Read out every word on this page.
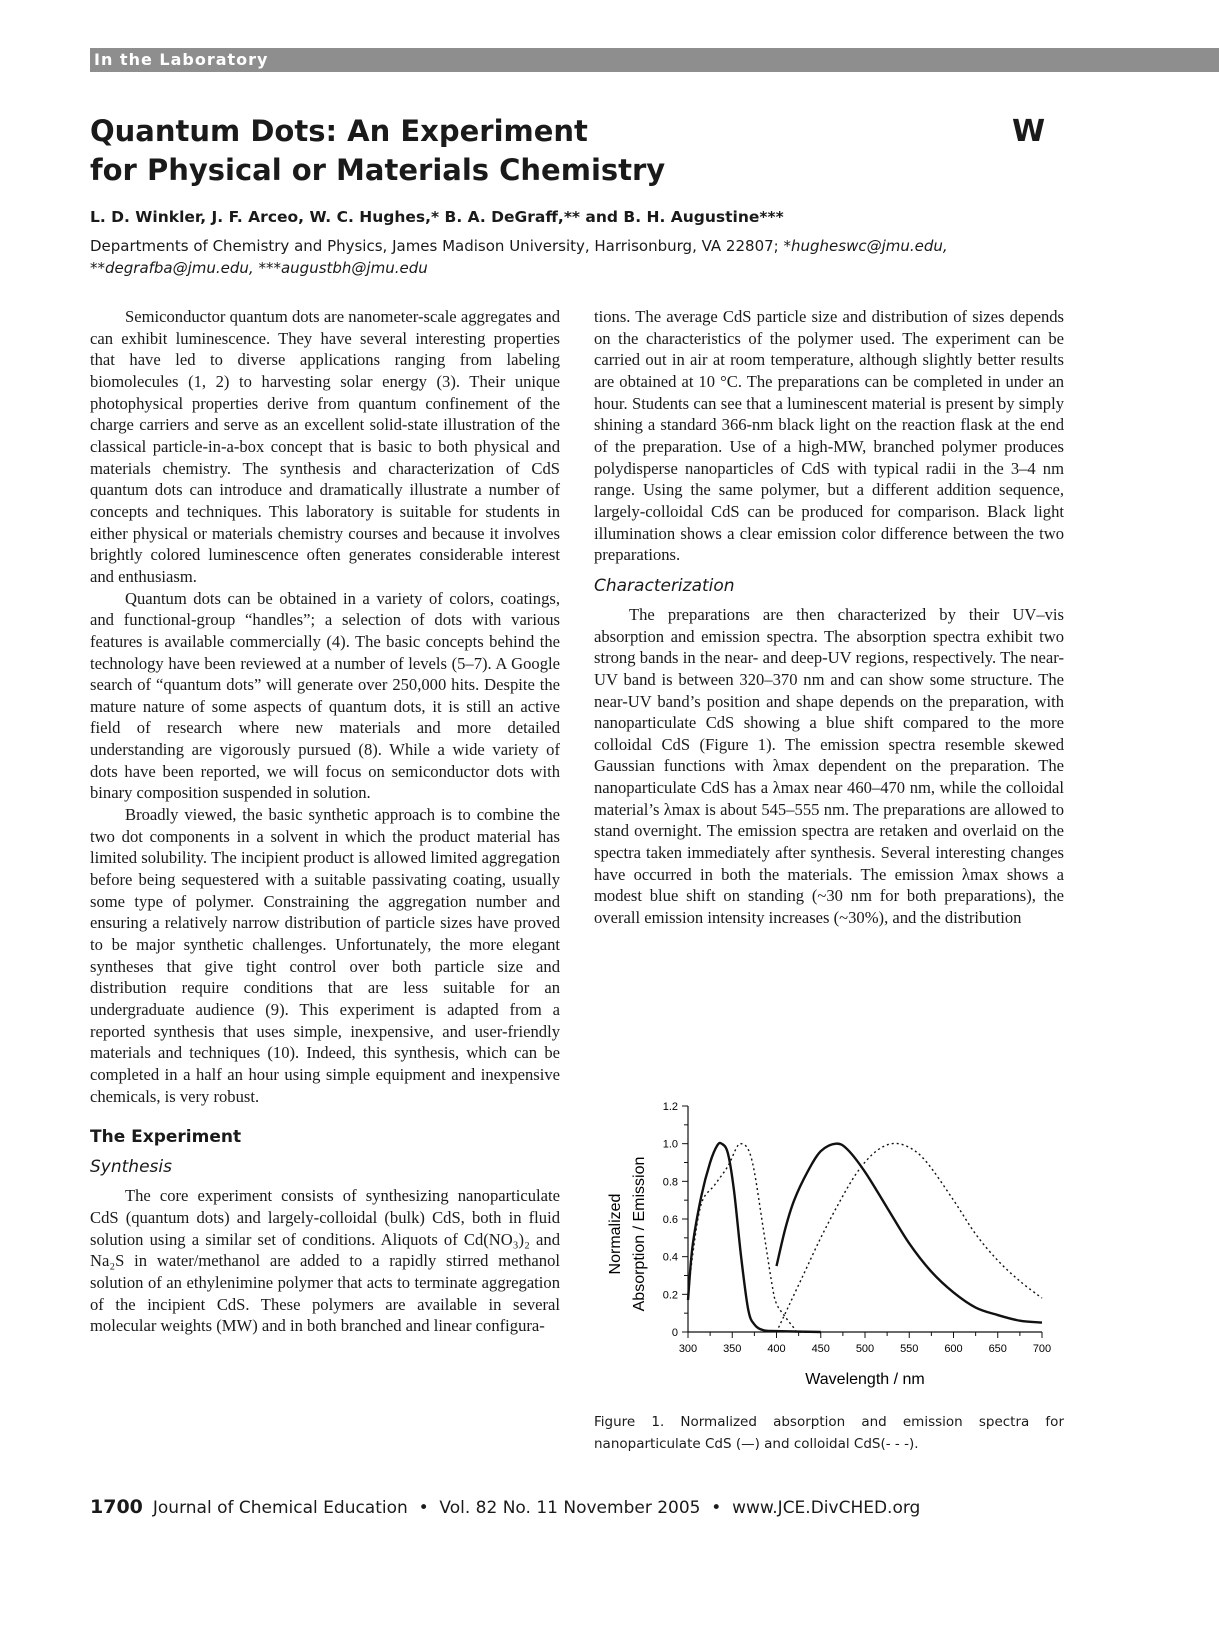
In the Laboratory
Quantum Dots: An Experiment
for Physical or Materials Chemistry
W
L. D. Winkler, J. F. Arceo, W. C. Hughes,* B. A. DeGraff,** and B. H. Augustine***
Departments of Chemistry and Physics, James Madison University, Harrisonburg, VA 22807; *hugheswc@jmu.edu,
**degrafba@jmu.edu, ***augustbh@jmu.edu

Semiconductor quantum dots are nanometer-scale aggregates and can exhibit luminescence. They have several interesting properties that have led to diverse applications ranging from labeling biomolecules (1, 2) to harvesting solar energy (3). Their unique photophysical properties derive from quantum confinement of the charge carriers and serve as an excellent solid-state illustration of the classical particle-in-a-box concept that is basic to both physical and materials chemistry. The synthesis and characterization of CdS quantum dots can introduce and dramatically illustrate a number of concepts and techniques. This laboratory is suitable for students in either physical or materials chemistry courses and because it involves brightly colored luminescence often generates considerable interest and enthusiasm.

Quantum dots can be obtained in a variety of colors, coatings, and functional-group “handles”; a selection of dots with various features is available commercially (4). The basic concepts behind the technology have been reviewed at a number of levels (5–7). A Google search of “quantum dots” will generate over 250,000 hits. Despite the mature nature of some aspects of quantum dots, it is still an active field of research where new materials and more detailed understanding are vigorously pursued (8). While a wide variety of dots have been reported, we will focus on semiconductor dots with binary composition suspended in solution.

Broadly viewed, the basic synthetic approach is to combine the two dot components in a solvent in which the product material has limited solubility. The incipient product is allowed limited aggregation before being sequestered with a suitable passivating coating, usually some type of polymer. Constraining the aggregation number and ensuring a relatively narrow distribution of particle sizes have proved to be major synthetic challenges. Unfortunately, the more elegant syntheses that give tight control over both particle size and distribution require conditions that are less suitable for an undergraduate audience (9). This experiment is adapted from a reported synthesis that uses simple, inexpensive, and user-friendly materials and techniques (10). Indeed, this synthesis, which can be completed in a half an hour using simple equipment and inexpensive chemicals, is very robust.

The Experiment
Synthesis

The core experiment consists of synthesizing nanoparticulate CdS (quantum dots) and largely-colloidal (bulk) CdS, both in fluid solution using a similar set of conditions. Aliquots of Cd(NO₃)₂ and Na₂S in water/methanol are added to a rapidly stirred methanol solution of an ethylenimine polymer that acts to terminate aggregation of the incipient CdS. These polymers are available in several molecular weights (MW) and in both branched and linear configura-

tions. The average CdS particle size and distribution of sizes depends on the characteristics of the polymer used. The experiment can be carried out in air at room temperature, although slightly better results are obtained at 10 °C. The preparations can be completed in under an hour. Students can see that a luminescent material is present by simply shining a standard 366-nm black light on the reaction flask at the end of the preparation. Use of a high-MW, branched polymer produces polydisperse nanoparticles of CdS with typical radii in the 3–4 nm range. Using the same polymer, but a different addition sequence, largely-colloidal CdS can be produced for comparison. Black light illumination shows a clear emission color difference between the two preparations.

Characterization

The preparations are then characterized by their UV–vis absorption and emission spectra. The absorption spectra exhibit two strong bands in the near- and deep-UV regions, respectively. The near-UV band is between 320–370 nm and can show some structure. The near-UV band’s position and shape depends on the preparation, with nanoparticulate CdS showing a blue shift compared to the more colloidal CdS (Figure 1). The emission spectra resemble skewed Gaussian functions with λmax dependent on the preparation. The nanoparticulate CdS has a λmax near 460–470 nm, while the colloidal material’s λmax is about 545–555 nm. The preparations are allowed to stand overnight. The emission spectra are retaken and overlaid on the spectra taken immediately after synthesis. Several interesting changes have occurred in both the materials. The emission λmax shows a modest blue shift on standing (~30 nm for both preparations), the overall emission intensity increases (~30%), and the distribution

300 350 400 450 500 550 600 650 700
0
0.2
0.4
0.6
0.8
1.0
1.2
Wavelength / nm
Normalized Absorption / Emission
Figure 1. Normalized absorption and emission spectra for nanoparticulate CdS (—) and colloidal CdS(- - -).
1700 Journal of Chemical Education  •  Vol. 82 No. 11 November 2005  •  www.JCE.DivCHED.org
